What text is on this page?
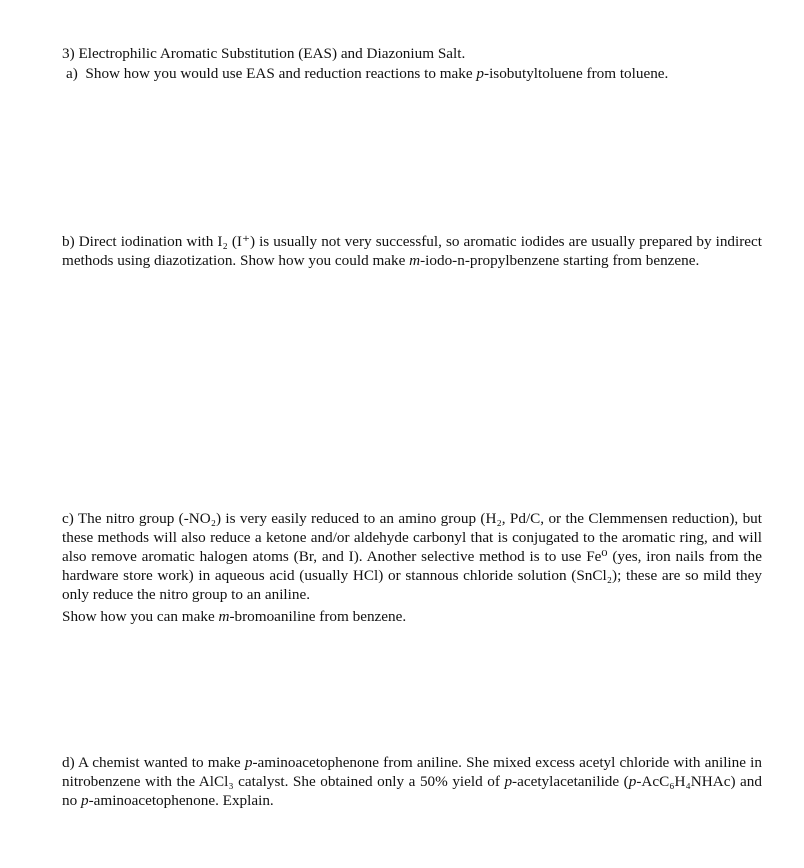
3) Electrophilic Aromatic Substitution (EAS) and Diazonium Salt.

a) Show how you would use EAS and reduction reactions to make p-isobutyltoluene from toluene.

b) Direct iodination with I₂ (I⁺) is usually not very successful, so aromatic iodides are usually prepared by indirect methods using diazotization. Show how you could make m-iodo-n-propylbenzene starting from benzene.

c) The nitro group (-NO₂) is very easily reduced to an amino group (H₂, Pd/C, or the Clemmensen reduction), but these methods will also reduce a ketone and/or aldehyde carbonyl that is conjugated to the aromatic ring, and will also remove aromatic halogen atoms (Br, and I). Another selective method is to use Fe⁰ (yes, iron nails from the hardware store work) in aqueous acid (usually HCl) or stannous chloride solution (SnCl₂); these are so mild they only reduce the nitro group to an aniline.

Show how you can make m-bromoaniline from benzene.

d) A chemist wanted to make p-aminoacetophenone from aniline. She mixed excess acetyl chloride with aniline in nitrobenzene with the AlCl₃ catalyst. She obtained only a 50% yield of p-acetylacetanilide (p-AcC₆H₄NHAc) and no p-aminoacetophenone. Explain.
